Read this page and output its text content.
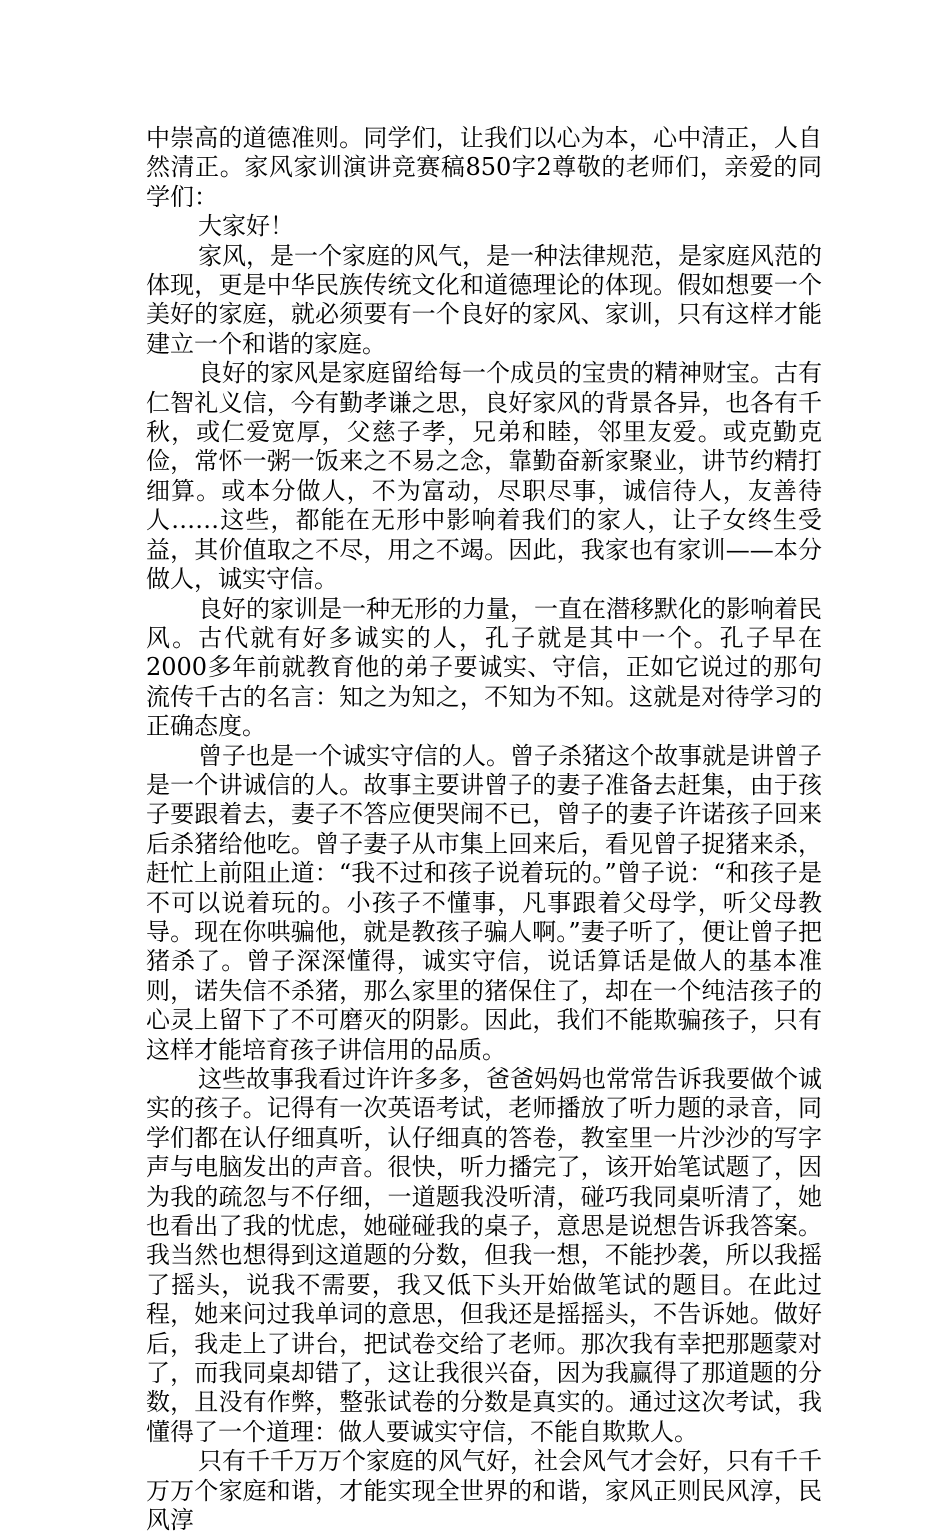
中崇高的道德准则。同学们，让我们以心为本，心中清正，人自然清正。家风家训演讲竞赛稿850字2尊敬的老师们，亲爱的同学们：

大家好！

家风，是一个家庭的风气，是一种法律规范，是家庭风范的体现，更是中华民族传统文化和道德理论的体现。假如想要一个美好的家庭，就必须要有一个良好的家风、家训，只有这样才能建立一个和谐的家庭。

良好的家风是家庭留给每一个成员的宝贵的精神财宝。古有仁智礼义信，今有勤孝谦之思，良好家风的背景各异，也各有千秋，或仁爱宽厚，父慈子孝，兄弟和睦，邻里友爱。或克勤克俭，常怀一粥一饭来之不易之念，靠勤奋新家聚业，讲节约精打细算。或本分做人，不为富动，尽职尽事，诚信待人，友善待人……这些，都能在无形中影响着我们的家人，让子女终生受益，其价值取之不尽，用之不竭。因此，我家也有家训——本分做人，诚实守信。

良好的家训是一种无形的力量，一直在潜移默化的影响着民风。古代就有好多诚实的人，孔子就是其中一个。孔子早在2000多年前就教育他的弟子要诚实、守信，正如它说过的那句流传千古的名言：知之为知之，不知为不知。这就是对待学习的正确态度。

曾子也是一个诚实守信的人。曾子杀猪这个故事就是讲曾子是一个讲诚信的人。故事主要讲曾子的妻子准备去赶集，由于孩子要跟着去，妻子不答应便哭闹不已，曾子的妻子许诺孩子回来后杀猪给他吃。曾子妻子从市集上回来后，看见曾子捉猪来杀，赶忙上前阻止道：“我不过和孩子说着玩的。”曾子说：“和孩子是不可以说着玩的。小孩子不懂事，凡事跟着父母学，听父母教导。现在你哄骗他，就是教孩子骗人啊。”妻子听了，便让曾子把猪杀了。曾子深深懂得，诚实守信，说话算话是做人的基本准则，诺失信不杀猪，那么家里的猪保住了，却在一个纯洁孩子的心灵上留下了不可磨灭的阴影。因此，我们不能欺骗孩子，只有这样才能培育孩子讲信用的品质。

这些故事我看过许许多多，爸爸妈妈也常常告诉我要做个诚实的孩子。记得有一次英语考试，老师播放了听力题的录音，同学们都在认仔细真听，认仔细真的答卷，教室里一片沙沙的写字声与电脑发出的声音。很快，听力播完了，该开始笔试题了，因为我的疏忽与不仔细，一道题我没听清，碰巧我同桌听清了，她也看出了我的忧虑，她碰碰我的桌子，意思是说想告诉我答案。我当然也想得到这道题的分数，但我一想，不能抄袭，所以我摇了摇头，说我不需要，我又低下头开始做笔试的题目。在此过程，她来问过我单词的意思，但我还是摇摇头，不告诉她。做好后，我走上了讲台，把试卷交给了老师。那次我有幸把那题蒙对了，而我同桌却错了，这让我很兴奋，因为我赢得了那道题的分数，且没有作弊，整张试卷的分数是真实的。通过这次考试，我懂得了一个道理：做人要诚实守信，不能自欺欺人。

只有千千万万个家庭的风气好，社会风气才会好，只有千千万万个家庭和谐，才能实现全世界的和谐，家风正则民风淳，民风淳
